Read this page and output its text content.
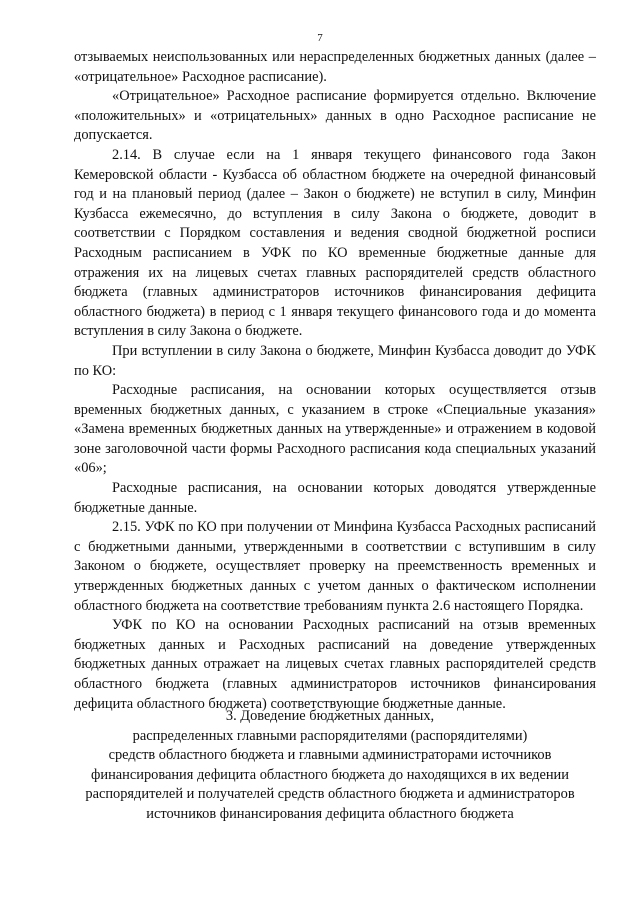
7

отзываемых неиспользованных или нераспределенных бюджетных данных (далее – «отрицательное» Расходное расписание).

«Отрицательное» Расходное расписание формируется отдельно. Включение «положительных» и «отрицательных» данных в одно Расходное расписание не допускается.

2.14. В случае если на 1 января текущего финансового года Закон Кемеровской области - Кузбасса об областном бюджете на очередной финансовый год и на плановый период (далее – Закон о бюджете) не вступил в силу, Минфин Кузбасса ежемесячно, до вступления в силу Закона о бюджете, доводит в соответствии с Порядком составления и ведения сводной бюджетной росписи Расходным расписанием в УФК по КО временные бюджетные данные для отражения их на лицевых счетах главных распорядителей средств областного бюджета (главных администраторов источников финансирования дефицита областного бюджета) в период с 1 января текущего финансового года и до момента вступления в силу Закона о бюджете.

При вступлении в силу Закона о бюджете, Минфин Кузбасса доводит до УФК по КО:

Расходные расписания, на основании которых осуществляется отзыв временных бюджетных данных, с указанием в строке «Специальные указания» «Замена временных бюджетных данных на утвержденные» и отражением в кодовой зоне заголовочной части формы Расходного расписания кода специальных указаний «06»;

Расходные расписания, на основании которых доводятся утвержденные бюджетные данные.

2.15. УФК по КО при получении от Минфина Кузбасса Расходных расписаний с бюджетными данными, утвержденными в соответствии с вступившим в силу Законом о бюджете, осуществляет проверку на преемственность временных и утвержденных бюджетных данных с учетом данных о фактическом исполнении областного бюджета на соответствие требованиям пункта 2.6 настоящего Порядка.

УФК по КО на основании Расходных расписаний на отзыв временных бюджетных данных и Расходных расписаний на доведение утвержденных бюджетных данных отражает на лицевых счетах главных распорядителей средств областного бюджета (главных администраторов источников финансирования дефицита областного бюджета) соответствующие бюджетные данные.

3. Доведение бюджетных данных,
распределенных главными распорядителями (распорядителями)
средств областного бюджета и главными администраторами источников
финансирования дефицита областного бюджета до находящихся в их ведении
распорядителей и получателей средств областного бюджета и администраторов
источников финансирования дефицита областного бюджета
